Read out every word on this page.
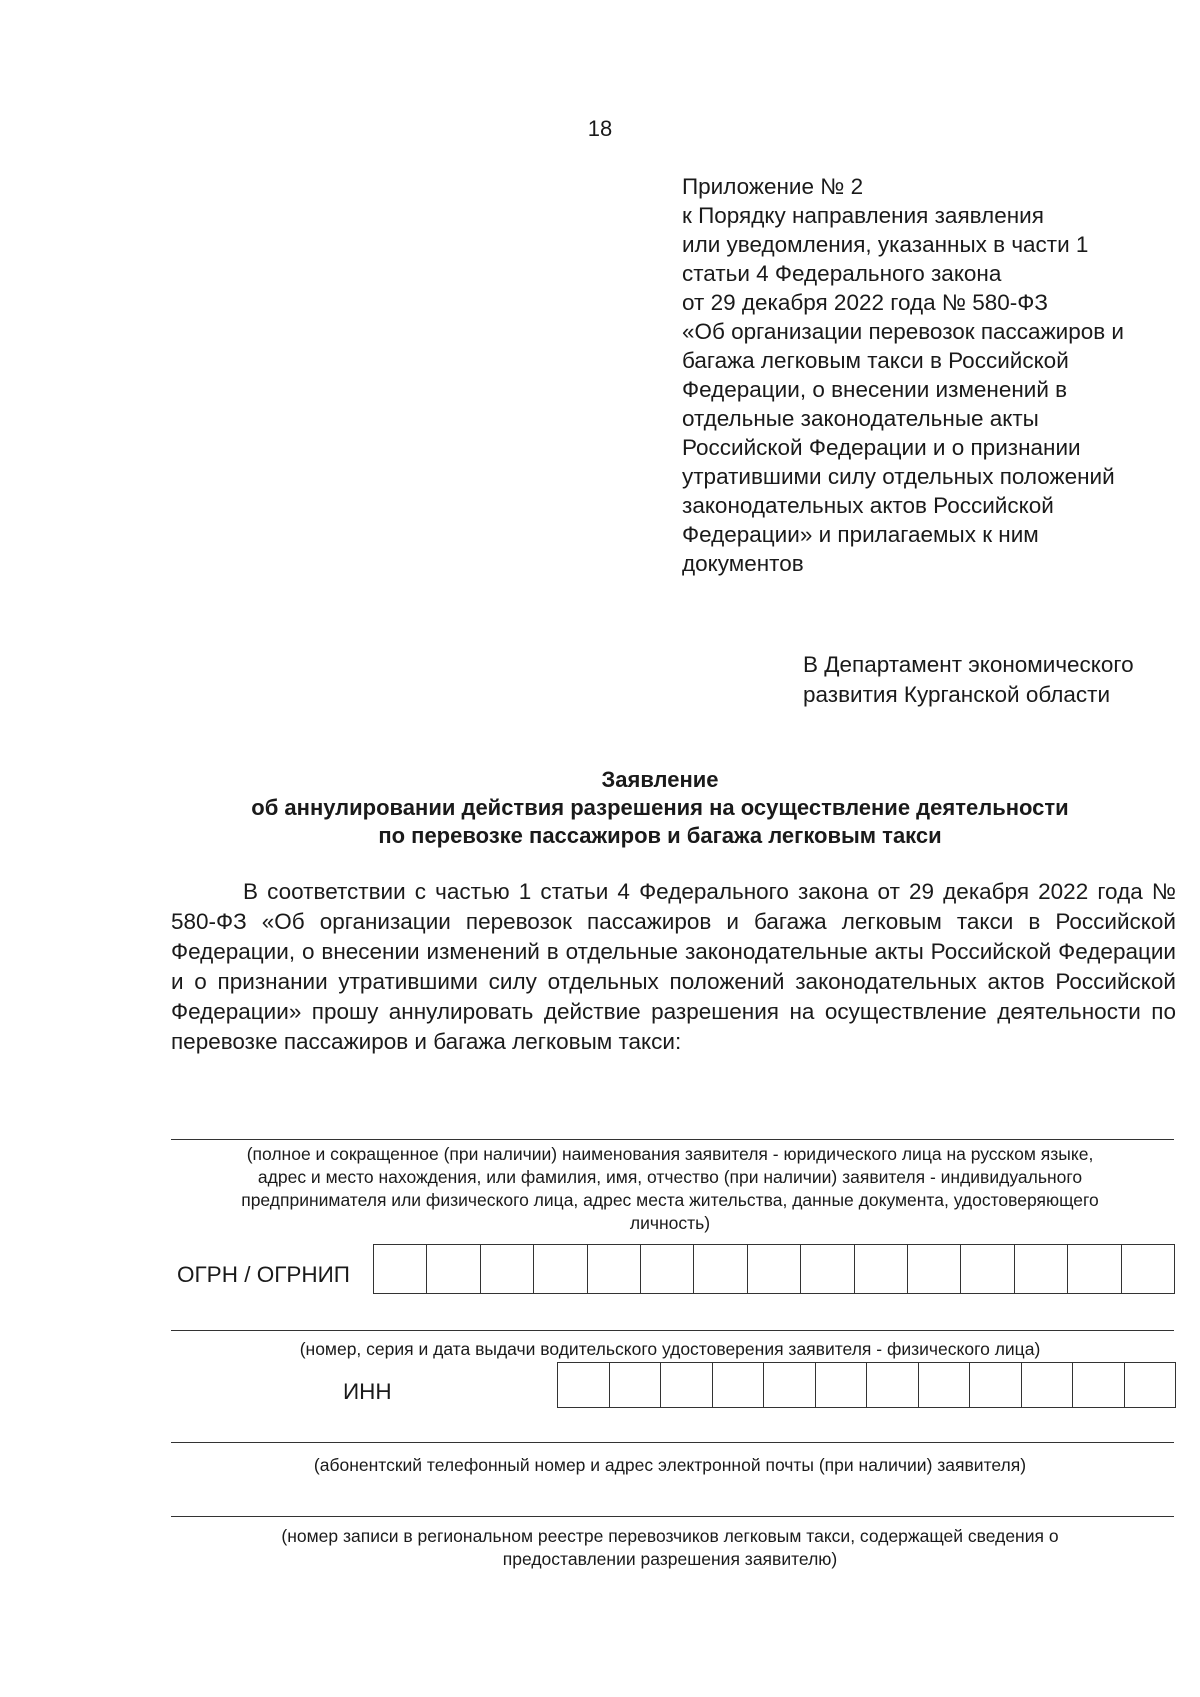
18
Приложение № 2
к Порядку направления заявления
или уведомления, указанных в части 1
статьи 4 Федерального закона
от 29 декабря 2022 года № 580-ФЗ
«Об организации перевозок пассажиров и
багажа легковым такси в Российской
Федерации, о внесении изменений в
отдельные законодательные акты
Российской Федерации и о признании
утратившими силу отдельных положений
законодательных актов Российской
Федерации» и прилагаемых к ним
документов
В Департамент экономического
развития Курганской области
Заявление
об аннулировании действия разрешения на осуществление деятельности
по перевозке пассажиров и багажа легковым такси
В соответствии с частью 1 статьи 4 Федерального закона от 29 декабря 2022 года № 580-ФЗ «Об организации перевозок пассажиров и багажа легковым такси в Российской Федерации, о внесении изменений в отдельные законодательные акты Российской Федерации и о признании утратившими силу отдельных положений законодательных актов Российской Федерации» прошу аннулировать действие разрешения на осуществление деятельности по перевозке пассажиров и багажа легковым такси:
(полное и сокращенное (при наличии) наименования заявителя - юридического лица на русском языке,
адрес и место нахождения, или фамилия, имя, отчество (при наличии) заявителя - индивидуального
предпринимателя или физического лица, адрес места жительства, данные документа, удостоверяющего
личность)
ОГРН / ОГРНИП
(номер, серия и дата выдачи водительского удостоверения заявителя - физического лица)
ИНН
(абонентский телефонный номер и адрес электронной почты (при наличии) заявителя)
(номер записи в региональном реестре перевозчиков легковым такси, содержащей сведения о
предоставлении разрешения заявителю)
